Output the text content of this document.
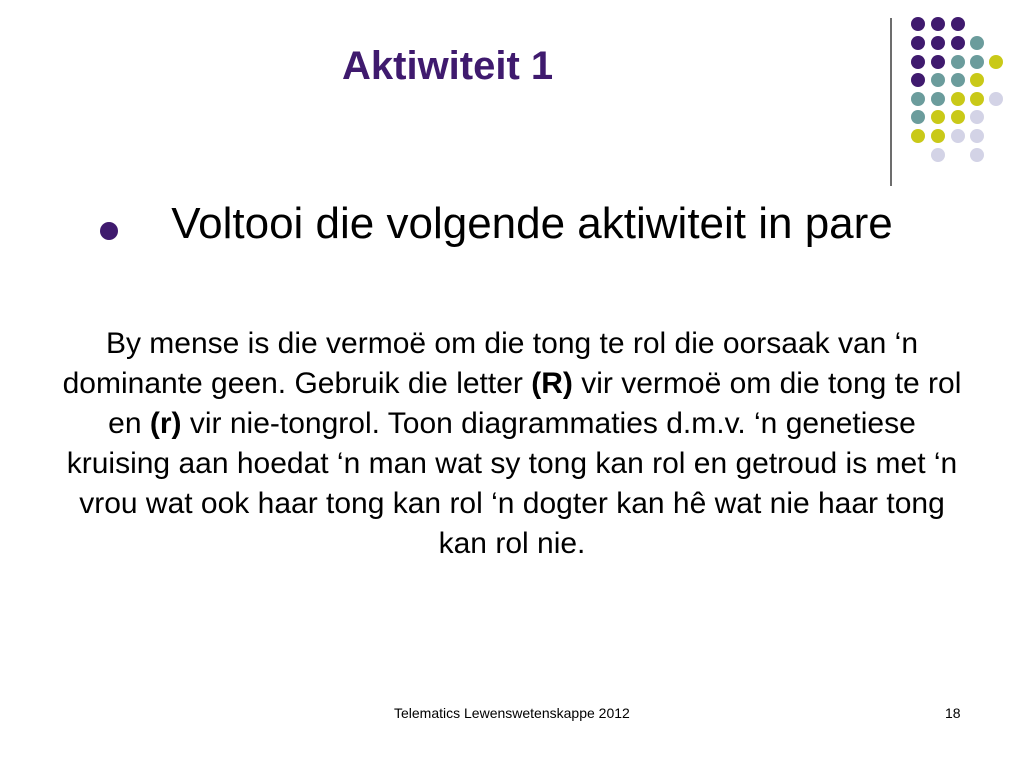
Aktiwiteit 1
Voltooi die volgende aktiwiteit in pare
By mense is die vermoë om die tong te rol die oorsaak van ‘n dominante geen. Gebruik die letter (R) vir vermoë om die tong te rol en (r) vir nie-tongrol. Toon diagrammaties d.m.v. ‘n genetiese kruising aan hoedat ‘n man wat sy tong kan rol en getroud is met ‘n vrou wat ook haar tong kan rol ‘n dogter kan hê wat nie haar tong kan rol nie.
Telematics Lewenswetenskappe 2012	18
